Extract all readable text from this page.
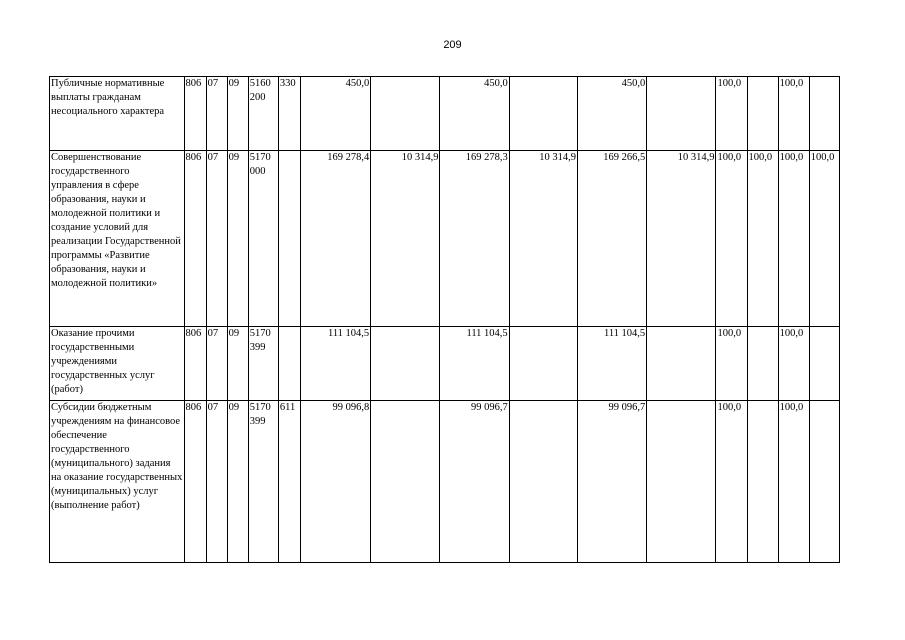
209
Публичные нормативные выплаты гражданам несоциального характера	806	07	09	5160 200	330	450,0		450,0		450,0		100,0		100,0	
Совершенствование государственного управления в сфере образования, науки и молодежной политики и создание условий для реализации Государственной программы «Развитие образования, науки и молодежной политики»	806	07	09	5170 000		169 278,4	10 314,9	169 278,3	10 314,9	169 266,5	10 314,9	100,0	100,0	100,0	100,0
Оказание прочими государственными учреждениями государственных услуг (работ)	806	07	09	5170 399		111 104,5		111 104,5		111 104,5		100,0		100,0	
Субсидии бюджетным учреждениям на финансовое обеспечение государственного (муниципального) задания на оказание государственных (муниципальных) услуг (выполнение работ)	806	07	09	5170 399	611	99 096,8		99 096,7		99 096,7		100,0		100,0	
